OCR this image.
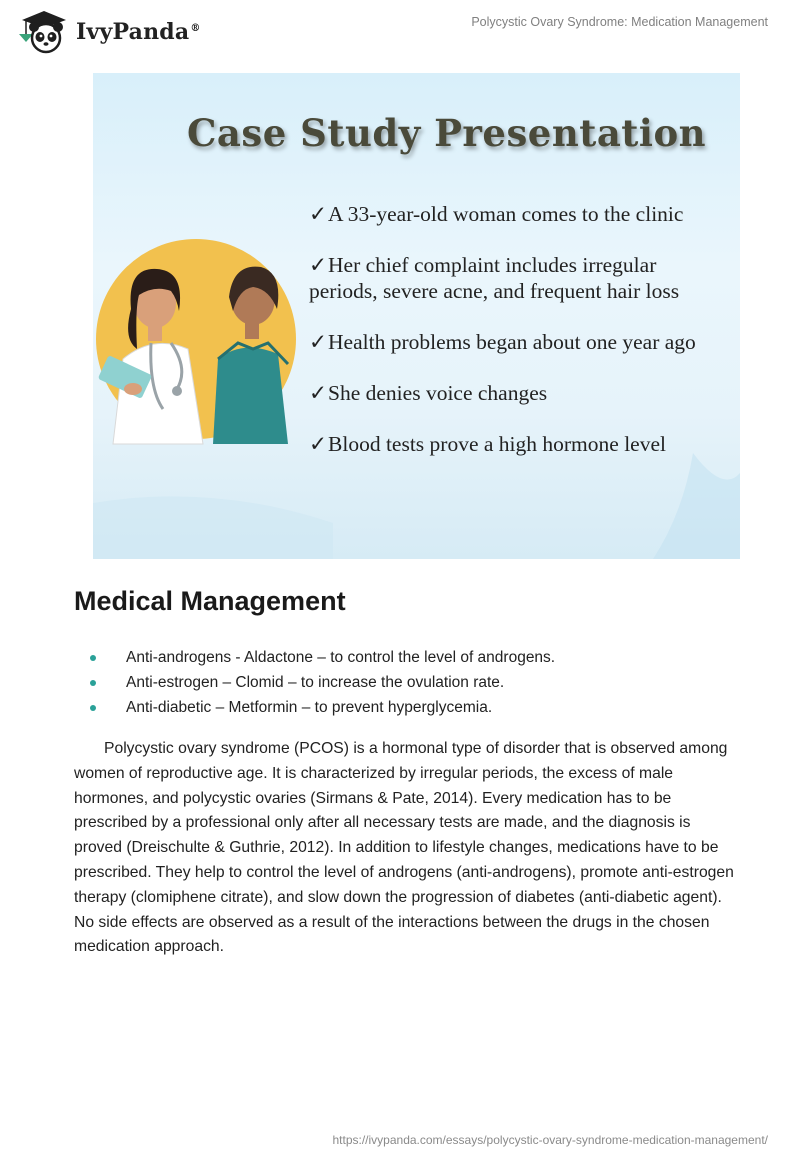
IvyPanda®	Polycystic Ovary Syndrome: Medication Management
Case Study Presentation
✓A 33-year-old woman comes to the clinic
✓Her chief complaint includes irregular
periods, severe acne, and frequent hair loss
✓Health problems began about one year ago
✓She denies voice changes
✓Blood tests prove a high hormone level
Medical Management
Anti-androgens - Aldactone – to control the level of androgens.
Anti-estrogen – Clomid – to increase the ovulation rate.
Anti-diabetic – Metformin – to prevent hyperglycemia.

Polycystic ovary syndrome (PCOS) is a hormonal type of disorder that is observed among women of reproductive age. It is characterized by irregular periods, the excess of male hormones, and polycystic ovaries (Sirmans & Pate, 2014). Every medication has to be prescribed by a professional only after all necessary tests are made, and the diagnosis is proved (Dreischulte & Guthrie, 2012). In addition to lifestyle changes, medications have to be prescribed. They help to control the level of androgens (anti-androgens), promote anti-estrogen therapy (clomiphene citrate), and slow down the progression of diabetes (anti-diabetic agent). No side effects are observed as a result of the interactions between the drugs in the chosen medication approach.

https://ivypanda.com/essays/polycystic-ovary-syndrome-medication-management/
